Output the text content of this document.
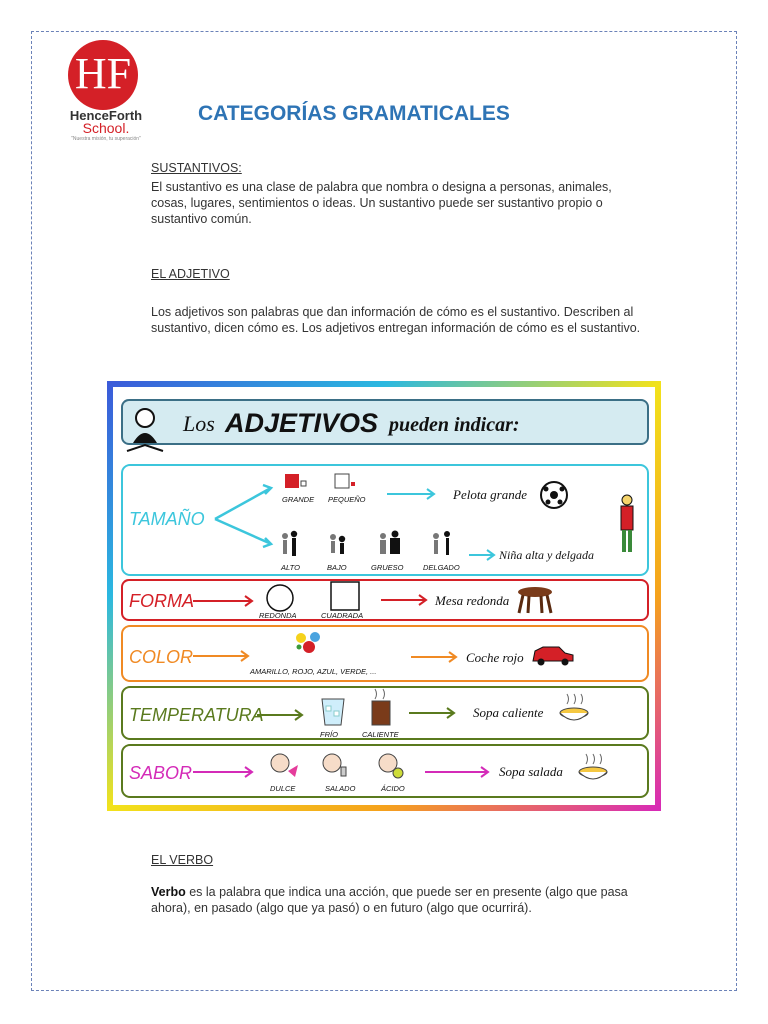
HF
HenceForth
School.
"Nuestra misión, tu superación"
CATEGORÍAS GRAMATICALES
SUSTANTIVOS:
El sustantivo es una clase de palabra que nombra o designa a personas, animales, cosas, lugares, sentimientos o ideas. Un sustantivo puede ser sustantivo propio o sustantivo común.
EL ADJETIVO
Los adjetivos son palabras que dan información de cómo es el sustantivo. Describen al sustantivo, dicen cómo es. Los adjetivos entregan información de cómo es el sustantivo.
Los ADJETIVOS pueden indicar:
TAMAÑO
GRANDE PEQUEÑO	Pelota grande
ALTO	BAJO	GRUESO	DELGADO
Niña alta y delgada
FORMA
REDONDA	CUADRADA
Mesa redonda
COLOR
AMARILLO, ROJO, AZUL, VERDE, ...
Coche rojo
TEMPERATURA
FRÍO	CALIENTE
Sopa caliente
SABOR
DULCE	SALADO	ÁCIDO
Sopa salada
EL VERBO
Verbo es la palabra que indica una acción, que puede ser en presente (algo que pasa ahora), en pasado (algo que ya pasó) o en futuro (algo que ocurrirá).
